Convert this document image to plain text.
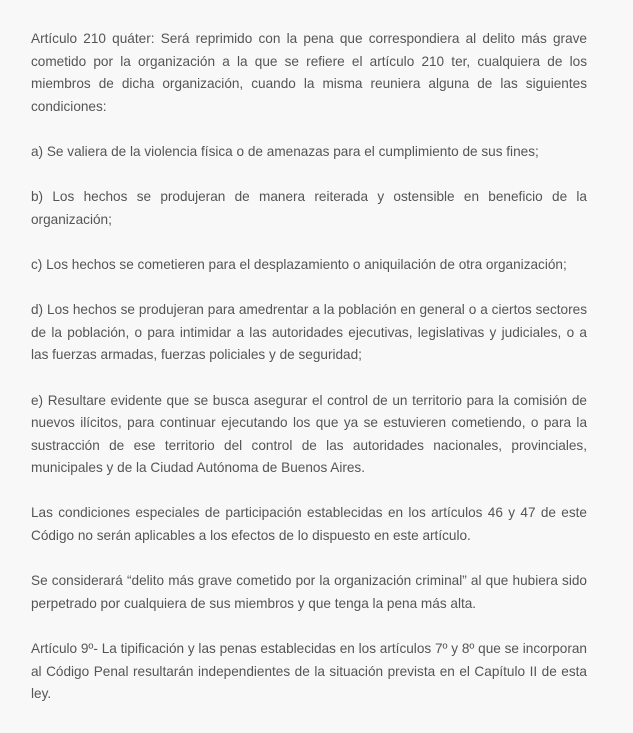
Artículo 210 quáter: Será reprimido con la pena que correspondiera al delito más grave cometido por la organización a la que se refiere el artículo 210 ter, cualquiera de los miembros de dicha organización, cuando la misma reuniera alguna de las siguientes condiciones:

a) Se valiera de la violencia física o de amenazas para el cumplimiento de sus fines;

b) Los hechos se produjeran de manera reiterada y ostensible en beneficio de la organización;

c) Los hechos se cometieren para el desplazamiento o aniquilación de otra organización;

d) Los hechos se produjeran para amedrentar a la población en general o a ciertos sectores de la población, o para intimidar a las autoridades ejecutivas, legislativas y judiciales, o a las fuerzas armadas, fuerzas policiales y de seguridad;

e) Resultare evidente que se busca asegurar el control de un territorio para la comisión de nuevos ilícitos, para continuar ejecutando los que ya se estuvieren cometiendo, o para la sustracción de ese territorio del control de las autoridades nacionales, provinciales, municipales y de la Ciudad Autónoma de Buenos Aires.

Las condiciones especiales de participación establecidas en los artículos 46 y 47 de este Código no serán aplicables a los efectos de lo dispuesto en este artículo.

Se considerará “delito más grave cometido por la organización criminal” al que hubiera sido perpetrado por cualquiera de sus miembros y que tenga la pena más alta.

Artículo 9º- La tipificación y las penas establecidas en los artículos 7º y 8º que se incorporan al Código Penal resultarán independientes de la situación prevista en el Capítulo II de esta ley.
